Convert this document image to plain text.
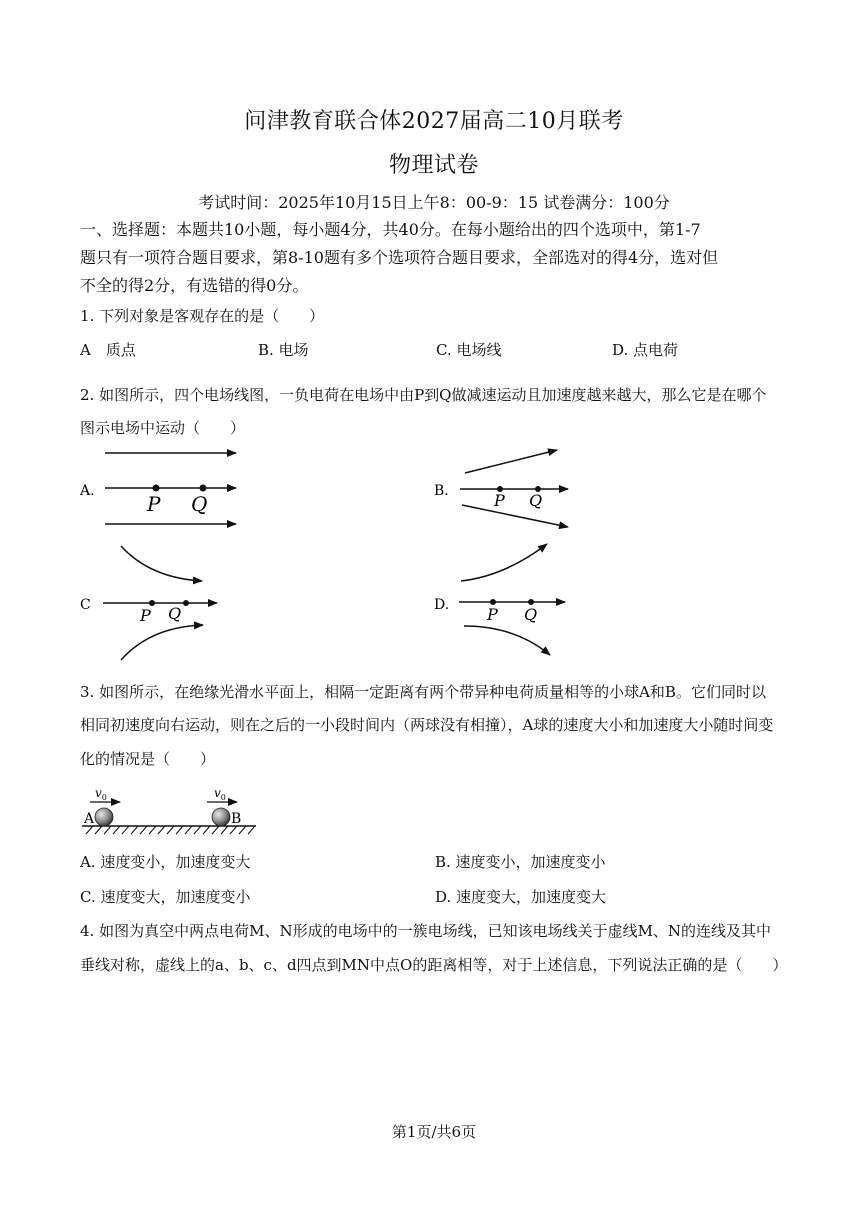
问津教育联合体2027届高二10月联考
物理试卷
考试时间：2025年10月15日上午8：00-9：15 试卷满分：100分
一、选择题：本题共10小题，每小题4分，共40分。在每小题给出的四个选项中，第1-7
题只有一项符合题目要求，第8-10题有多个选项符合题目要求，全部选对的得4分，选对但
不全的得2分，有选错的得0分。
1. 下列对象是客观存在的是（　　）
A　质点	B. 电场	C. 电场线	D. 点电荷
2. 如图所示，四个电场线图，一负电荷在电场中由P到Q做减速运动且加速度越来越大，那么它是在哪个
图示电场中运动（　　）
A.
P Q
B.	P Q
C
P Q	D. P Q
A	B
$v_0$	$v_0$
3. 如图所示，在绝缘光滑水平面上，相隔一定距离有两个带异种电荷质量相等的小球A和B。它们同时以
相同初速度向右运动，则在之后的一小段时间内（两球没有相撞），A球的速度大小和加速度大小随时间变
化的情况是（　　）
A. 速度变小，加速度变大	B. 速度变小，加速度变小
C. 速度变大，加速度变小	D. 速度变大，加速度变大
4. 如图为真空中两点电荷M、N形成的电场中的一簇电场线，已知该电场线关于虚线M、N的连线及其中
垂线对称，虚线上的a、b、c、d四点到MN中点O的距离相等，对于上述信息，下列说法正确的是（　　）
第1页/共6页
